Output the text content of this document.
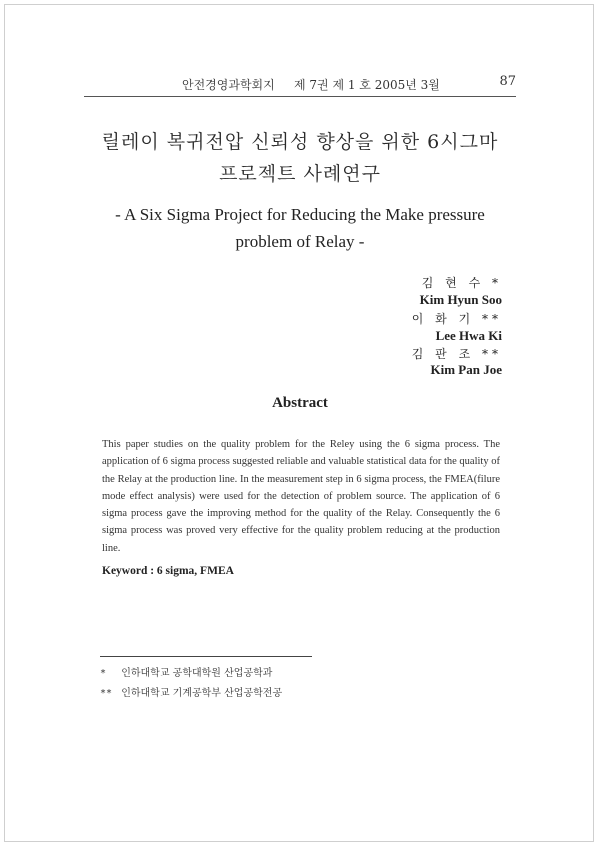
안전경영과학회지 제 7권 제 1 호 2005년 3월	87
릴레이 복귀전압 신뢰성 향상을 위한 6시그마
프로젝트 사례연구
- A Six Sigma Project for Reducing the Make pressure
problem of Relay -
김 현 수 *
Kim Hyun Soo
이 화 기 **
Lee Hwa Ki
김 판 조 **
Kim Pan Joe
Abstract

This paper studies on the quality problem for the Reley using the 6 sigma process. The application of 6 sigma process suggested reliable and valuable statistical data for the quality of the Relay at the production line. In the measurement step in 6 sigma process, the FMEA(filure mode effect analysis) were used for the detection of problem source. The application of 6 sigma process gave the improving method for the quality of the Relay. Consequently the 6 sigma process was proved very effective for the quality problem reducing at the production line.

Keyword : 6 sigma, FMEA
* 인하대학교 공학대학원 산업공학과
** 인하대학교 기계공학부 산업공학전공
